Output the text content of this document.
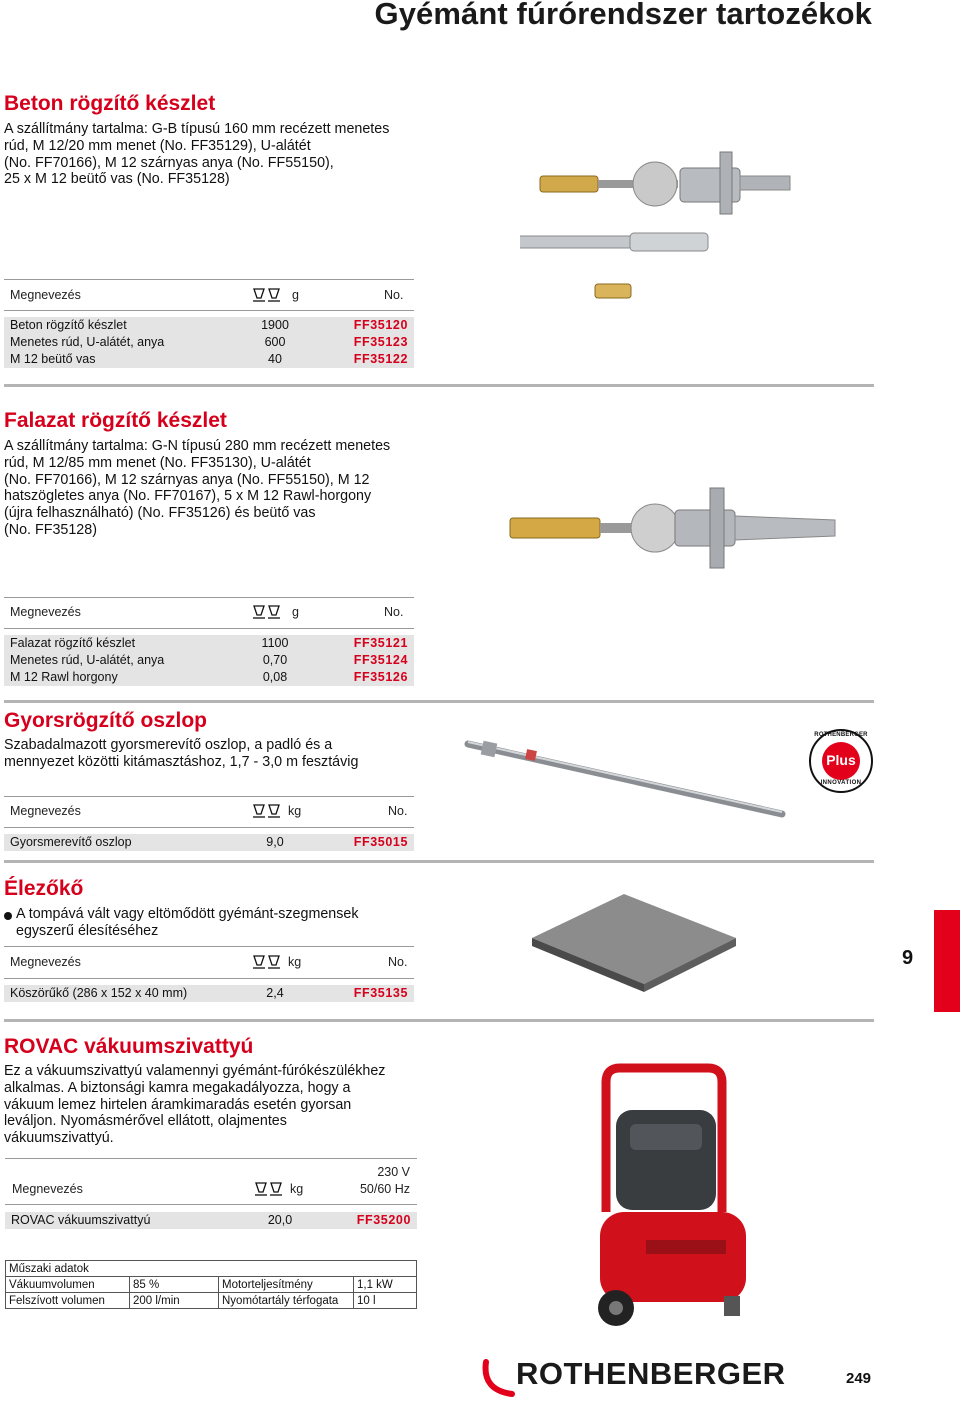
Gyémánt fúrórendszer tartozékok
Beton rögzítő készlet
A szállítmány tartalma: G-B típusú 160 mm recézett menetes
rúd, M 12/20 mm menet (No. FF35129), U-alátét
(No. FF70166), M 12 szárnyas anya (No. FF55150),
25 x M 12 beütő vas (No. FF35128)
Megnevezés	g	No.
Beton rögzítő készlet	1900	FF35120
Menetes rúd, U-alátét, anya	600	FF35123
M 12 beütő vas	40	FF35122
Falazat rögzítő készlet
A szállítmány tartalma: G-N típusú 280 mm recézett menetes
rúd, M 12/85 mm menet (No. FF35130), U-alátét
(No. FF70166), M 12 szárnyas anya (No. FF55150), M 12
hatszögletes anya (No. FF70167), 5 x M 12 Rawl-horgony
(újra felhasználható) (No. FF35126) és beütő vas
(No. FF35128)
Megnevezés	g	No.
Falazat rögzítő készlet	1100	FF35121
Menetes rúd, U-alátét, anya	0,70	FF35124
M 12 Rawl horgony	0,08	FF35126
Gyorsrögzítő oszlop
Szabadalmazott gyorsmerevítő oszlop, a padló és a
mennyezet közötti kitámasztáshoz, 1,7 - 3,0 m fesztávig
Megnevezés	kg	No.
Gyorsmerevítő oszlop	9,0	FF35015
Plus
ROTHENBERGER
INNOVATION
Élezőkő
A tompává vált vagy eltömődött gyémánt-szegmensek
egyszerű élesítéséhez
Megnevezés	kg	No.
Köszörűkő (286 x 152 x 40 mm)	2,4	FF35135
9
ROVAC vákuumszivattyú
Ez a vákuumszivattyú valamennyi gyémánt-fúrókészülékhez
alkalmas. A biztonsági kamra megakadályozza, hogy a
vákuum lemez hirtelen áramkimaradás esetén gyorsan
leváljon. Nyomásmérővel ellátott, olajmentes
vákuumszivattyú.
Megnevezés	kg
230 V
50/60 Hz
ROVAC vákuumszivattyú	20,0	FF35200
Műszaki adatok			
Vákuumvolumen	85 %	Motorteljesítmény	1,1 kW
Felszívott volumen	200 l/min	Nyomótartály térfogata	10 l
ROTHENBERGER	249
